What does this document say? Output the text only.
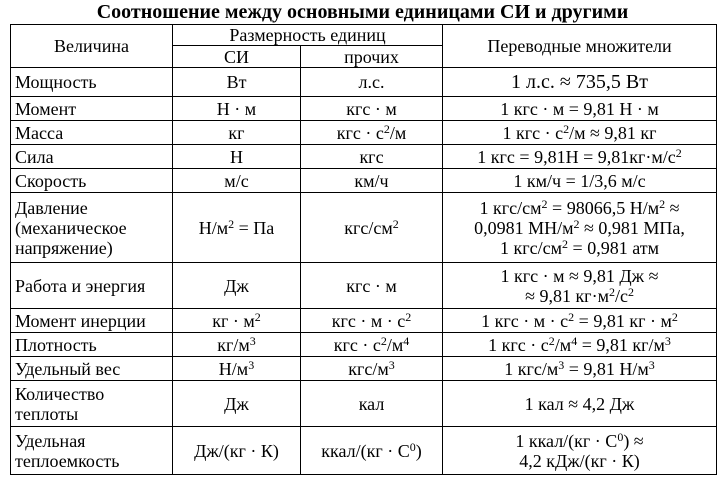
Соотношение между основными единицами СИ и другими
Величина	Размерность единиц		Переводные множители
	СИ	прочих	
Мощность	Вт	л.с.	1 л.с. ≈ 735,5 Вт
Момент	Н · м	кгс · м	1 кгс · м = 9,81 Н · м
Масса	кг	кгс · $с^2/м$	1 кгс · $с^2/м \approx 9,81$ кг
Сила	Н	кгс	1 кгс = $9,81Н = 9,81кг\cdot м/с^2$
Скорость	м/с	км/ч	1 км/ч = 1/3,6 м/с
Давление
(механическое
напряжение)	$Н/м^2$ = Па	кгс/$см^2$	1 кгс/$см^2 = 98066,5$ $Н/м^2$ ≈
0,0981 $МН/м^2 \approx 0,981$ МПа,
1 кгс/$см^2 = 0,981$ атм
Работа и энергия	Дж	кгс · м	1 кгс · м ≈ 9,81 Дж ≈
≈ 9,81 $кг\cdot м^2/с^2$
Момент инерции	кг · $м^2$	кгс · $м \cdot с^2$	1 кгс · $м \cdot с^2 = 9,81$ кг · $м^2$
Плотность	$кг/м^3$	кгс · $с^2/м^4$	1 кгс · $с^2/м^4 = 9,81$ $кг/м^3$
Удельный вес	$Н/м^3$	кгс/$м^3$	1 кгс/$м^3 = 9,81$ $Н/м^3$
Количество
теплоты	Дж	кал	1 кал ≈ 4,2 Дж
Удельная
теплоемкость	Дж/(кг · К)	ккал/(кг · $С^0$)	1 ккал/(кг · $С^0$) ≈
4,2 кДж/(кг · К)
